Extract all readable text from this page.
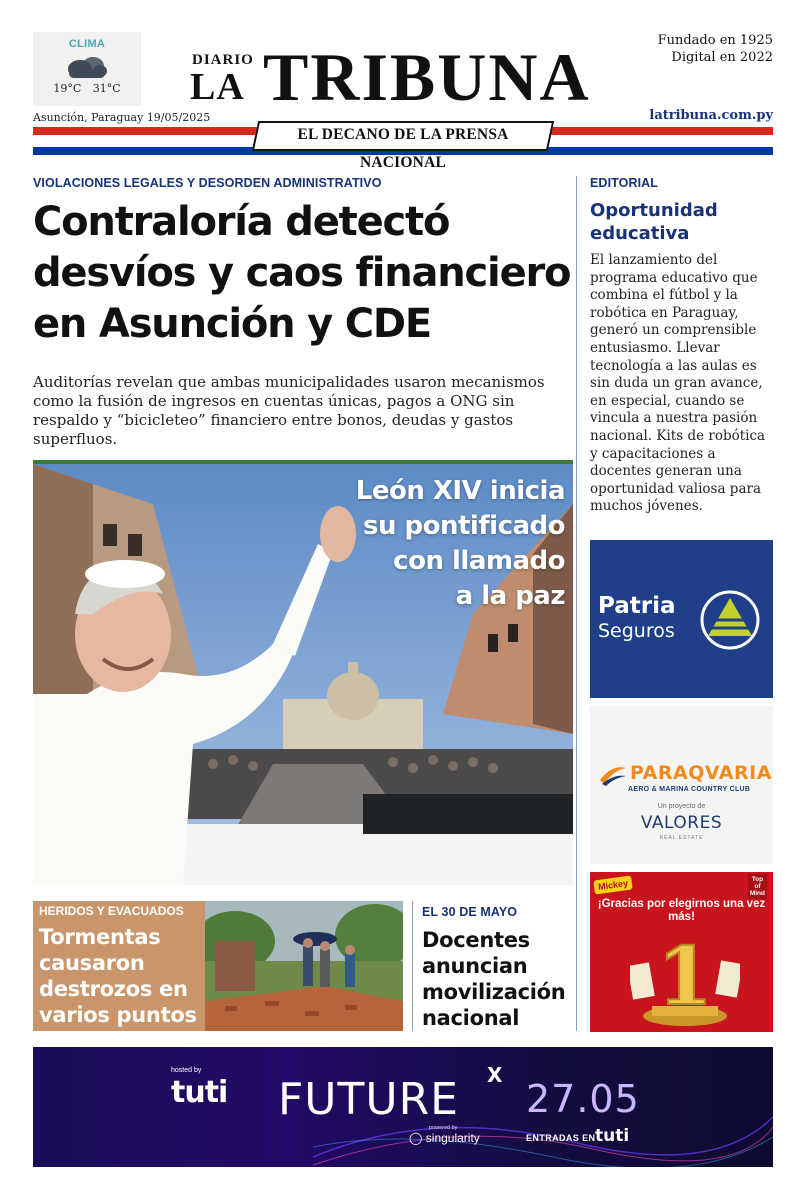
CLIMA
19°C 31°C
Asunción, Paraguay 19/05/2025
DIARIO
LA TRIBUNA	Fundado en 1925
Digital en 2022
latribuna.com.py
EL DECANO DE LA PRENSA NACIONAL
VIOLACIONES LEGALES Y DESORDEN ADMINISTRATIVO
Contraloría detectó desvíos y caos financiero en Asunción y CDE

Auditorías revelan que ambas municipalidades usaron mecanismos como la fusión de ingresos en cuentas únicas, pagos a ONG sin respaldo y “bicicleteo” financiero entre bonos, deudas y gastos superfluos.

León XIV inicia
su pontificado
con llamado
a la paz
HERIDOS Y EVACUADOS
Tormentas causaron destrozos en varios puntos
EL 30 DE MAYO
Docentes anuncian movilización nacional
EDITORIAL
Oportunidad educativa

El lanzamiento del programa educativo que combina el fútbol y la robótica en Paraguay, generó un comprensible entusiasmo. Llevar tecnología a las aulas es sin duda un gran avance, en especial, cuando se vincula a nuestra pasión nacional. Kits de robótica y capacitaciones a docentes generan una oportunidad valiosa para muchos jóvenes.

Patria
Seguros
PARAQVARIA
AERO & MARINA COUNTRY CLUB
Un proyecto de
VALORES
REAL ESTATE
Mickey	Top
of
Mind
¡Gracias por elegirnos una vez más!
1
hosted by
tuti FUTURE X
powered by
◯ singularity
27.05
ENTRADAS EN tuti
